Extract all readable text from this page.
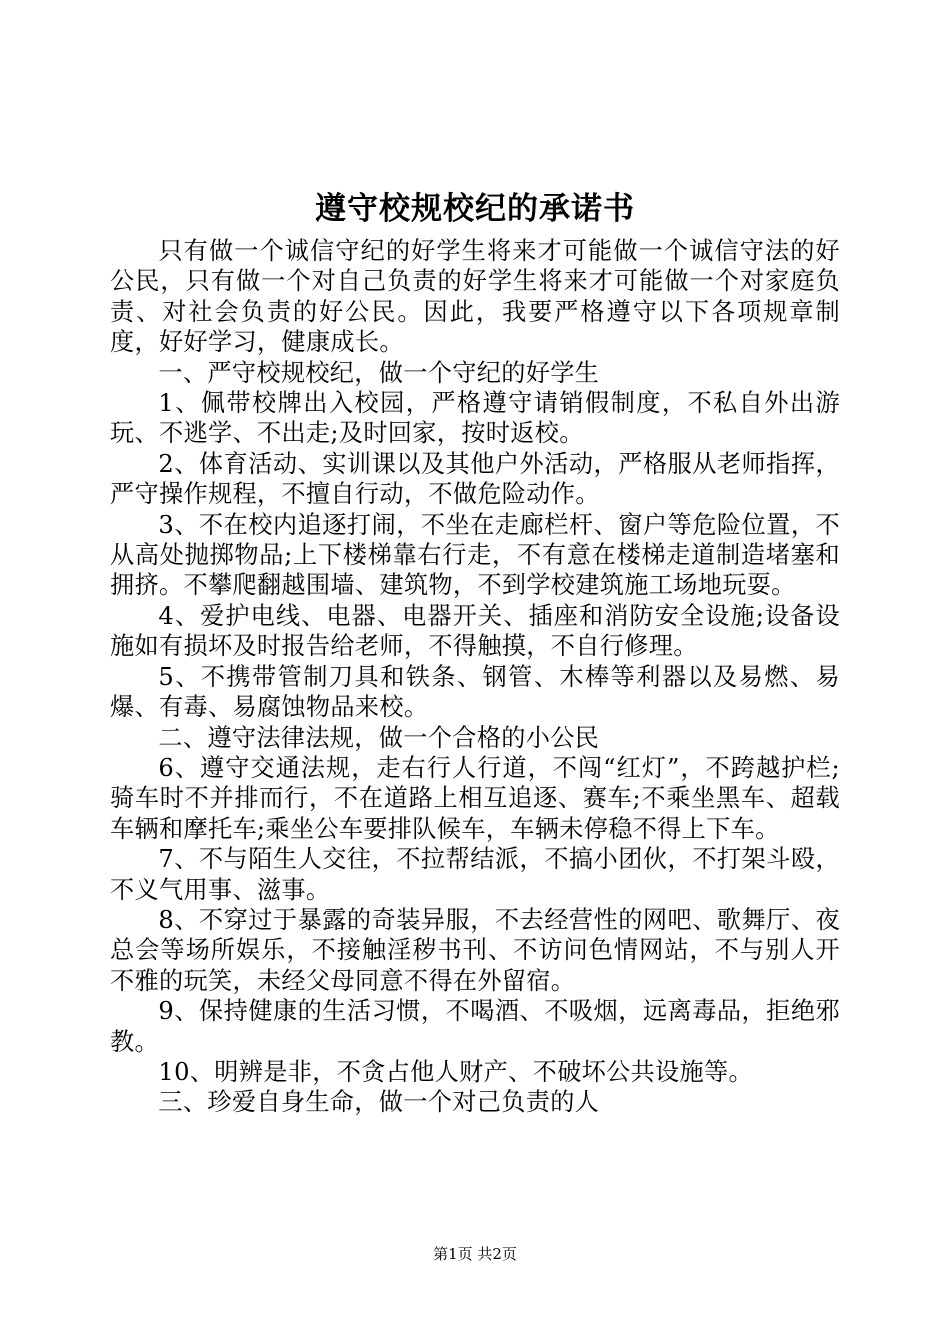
遵守校规校纪的承诺书

只有做一个诚信守纪的好学生将来才可能做一个诚信守法的好公民，只有做一个对自己负责的好学生将来才可能做一个对家庭负责、对社会负责的好公民。因此，我要严格遵守以下各项规章制度，好好学习，健康成长。

一、严守校规校纪，做一个守纪的好学生

1、佩带校牌出入校园，严格遵守请销假制度，不私自外出游玩、不逃学、不出走;及时回家，按时返校。

2、体育活动、实训课以及其他户外活动，严格服从老师指挥，严守操作规程，不擅自行动，不做危险动作。

3、不在校内追逐打闹，不坐在走廊栏杆、窗户等危险位置，不从高处抛掷物品;上下楼梯靠右行走，不有意在楼梯走道制造堵塞和拥挤。不攀爬翻越围墙、建筑物，不到学校建筑施工场地玩耍。

4、爱护电线、电器、电器开关、插座和消防安全设施;设备设施如有损坏及时报告给老师，不得触摸，不自行修理。

5、不携带管制刀具和铁条、钢管、木棒等利器以及易燃、易爆、有毒、易腐蚀物品来校。

二、遵守法律法规，做一个合格的小公民

6、遵守交通法规，走右行人行道，不闯“红灯”，不跨越护栏;骑车时不并排而行，不在道路上相互追逐、赛车;不乘坐黑车、超载车辆和摩托车;乘坐公车要排队候车，车辆未停稳不得上下车。

7、不与陌生人交往，不拉帮结派，不搞小团伙，不打架斗殴，不义气用事、滋事。

8、不穿过于暴露的奇装异服，不去经营性的网吧、歌舞厅、夜总会等场所娱乐，不接触淫秽书刊、不访问色情网站，不与别人开不雅的玩笑，未经父母同意不得在外留宿。

9、保持健康的生活习惯，不喝酒、不吸烟，远离毒品，拒绝邪教。

10、明辨是非，不贪占他人财产、不破坏公共设施等。

三、珍爱自身生命，做一个对己负责的人

第1页 共2页
